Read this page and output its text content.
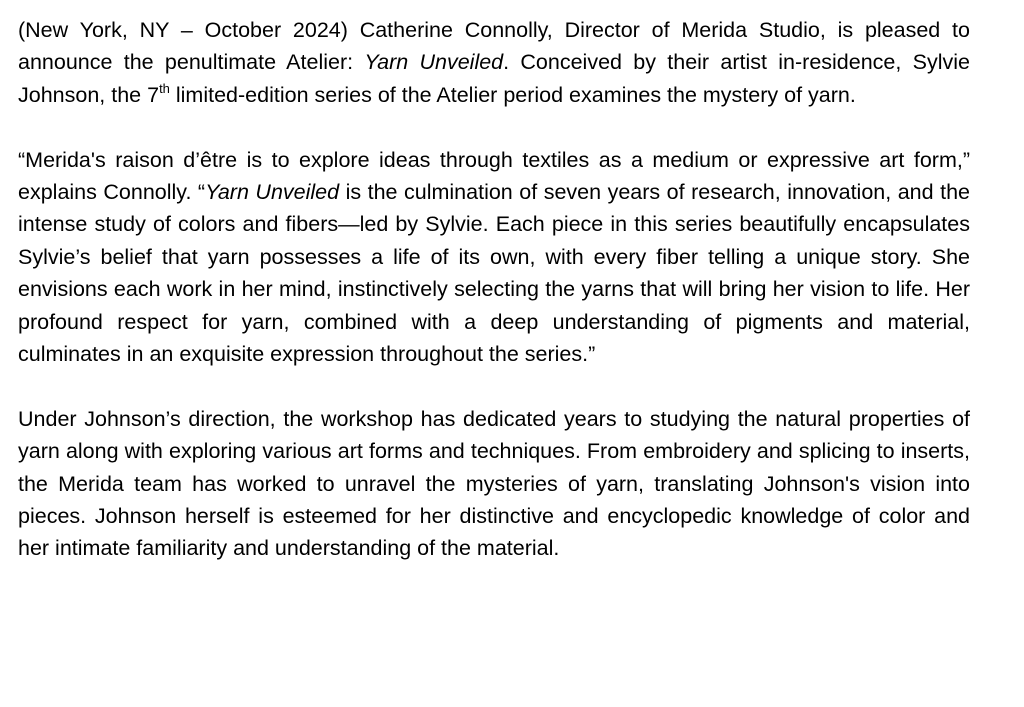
(New York, NY – October 2024) Catherine Connolly, Director of Merida Studio, is pleased to announce the penultimate Atelier: Yarn Unveiled. Conceived by their artist in-residence, Sylvie Johnson, the 7th limited-edition series of the Atelier period examines the mystery of yarn.

“Merida's raison d’être is to explore ideas through textiles as a medium or expressive art form,” explains Connolly. “Yarn Unveiled is the culmination of seven years of research, innovation, and the intense study of colors and fibers—led by Sylvie. Each piece in this series beautifully encapsulates Sylvie’s belief that yarn possesses a life of its own, with every fiber telling a unique story. She envisions each work in her mind, instinctively selecting the yarns that will bring her vision to life. Her profound respect for yarn, combined with a deep understanding of pigments and material, culminates in an exquisite expression throughout the series.”

Under Johnson’s direction, the workshop has dedicated years to studying the natural properties of yarn along with exploring various art forms and techniques. From embroidery and splicing to inserts, the Merida team has worked to unravel the mysteries of yarn, translating Johnson's vision into pieces. Johnson herself is esteemed for her distinctive and encyclopedic knowledge of color and her intimate familiarity and understanding of the material.
